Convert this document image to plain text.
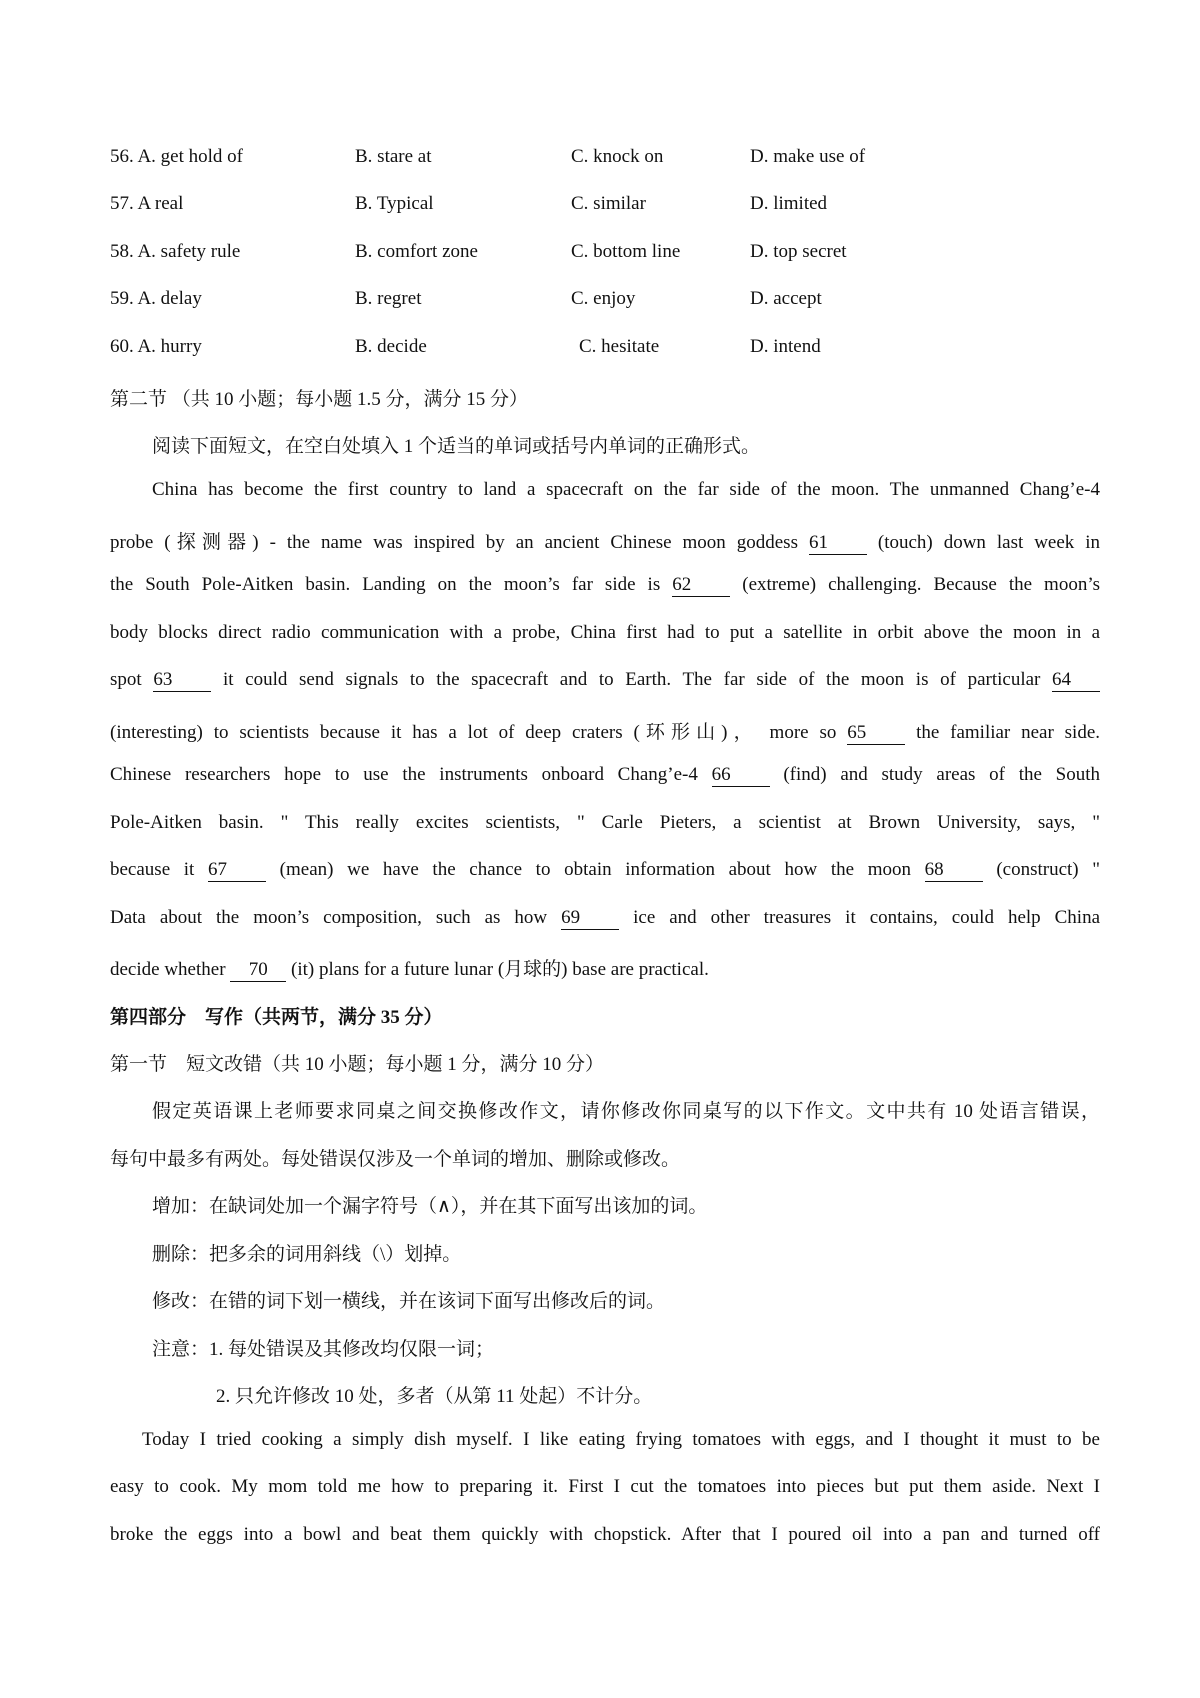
56. A. get hold of	B. stare at	C. knock on	D. make use of
57. A real	B. Typical	C. similar	D. limited
58. A. safety rule	B. comfort zone	C. bottom line	D. top secret
59. A. delay	B. regret	C. enjoy	D. accept
60. A. hurry	B. decide	C. hesitate	D. intend
第二节 （共 10 小题；每小题 1.5 分，满分 15 分）
阅读下面短文，在空白处填入 1 个适当的单词或括号内单词的正确形式。
China has become the first country to land a spacecraft on the far side of the moon. The unmanned Chang’e-4
probe (探测器) - the name was inspired by an ancient Chinese moon goddess 61	(touch) down last week in
the South Pole-Aitken basin. Landing on the moon’s far side is 62	(extreme) challenging. Because the moon’s
body blocks direct radio communication with a probe, China first had to put a satellite in orbit above the moon in a
spot 63	it could send signals to the spacecraft and to Earth. The far side of the moon is of particular 64
(interesting) to scientists because it has a lot of deep craters (环形山)， more so 65	the familiar near side.
Chinese researchers hope to use the instruments onboard Chang’e-4 66	(find) and study areas of the South
Pole-Aitken basin. " This really excites scientists, " Carle Pieters, a scientist at Brown University, says, "
because it 67	(mean) we have the chance to obtain information about how the moon 68	(construct) "
Data about the moon’s composition, such as how 69	ice and other treasures it contains, could help China
decide whether 70 (it) plans for a future lunar (月球的) base are practical.
第四部分　写作（共两节，满分 35 分）
第一节　短文改错（共 10 小题；每小题 1 分，满分 10 分）
假定英语课上老师要求同桌之间交换修改作文，请你修改你同桌写的以下作文。文中共有 10 处语言错误，
每句中最多有两处。每处错误仅涉及一个单词的增加、删除或修改。
增加：在缺词处加一个漏字符号（∧），并在其下面写出该加的词。
删除：把多余的词用斜线（\）划掉。
修改：在错的词下划一横线，并在该词下面写出修改后的词。
注意：1. 每处错误及其修改均仅限一词；
2. 只允许修改 10 处，多者（从第 11 处起）不计分。
Today I tried cooking a simply dish myself. I like eating frying tomatoes with eggs, and I thought it must to be
easy to cook. My mom told me how to preparing it. First I cut the tomatoes into pieces but put them aside. Next I
broke the eggs into a bowl and beat them quickly with chopstick. After that I poured oil into a pan and turned off
